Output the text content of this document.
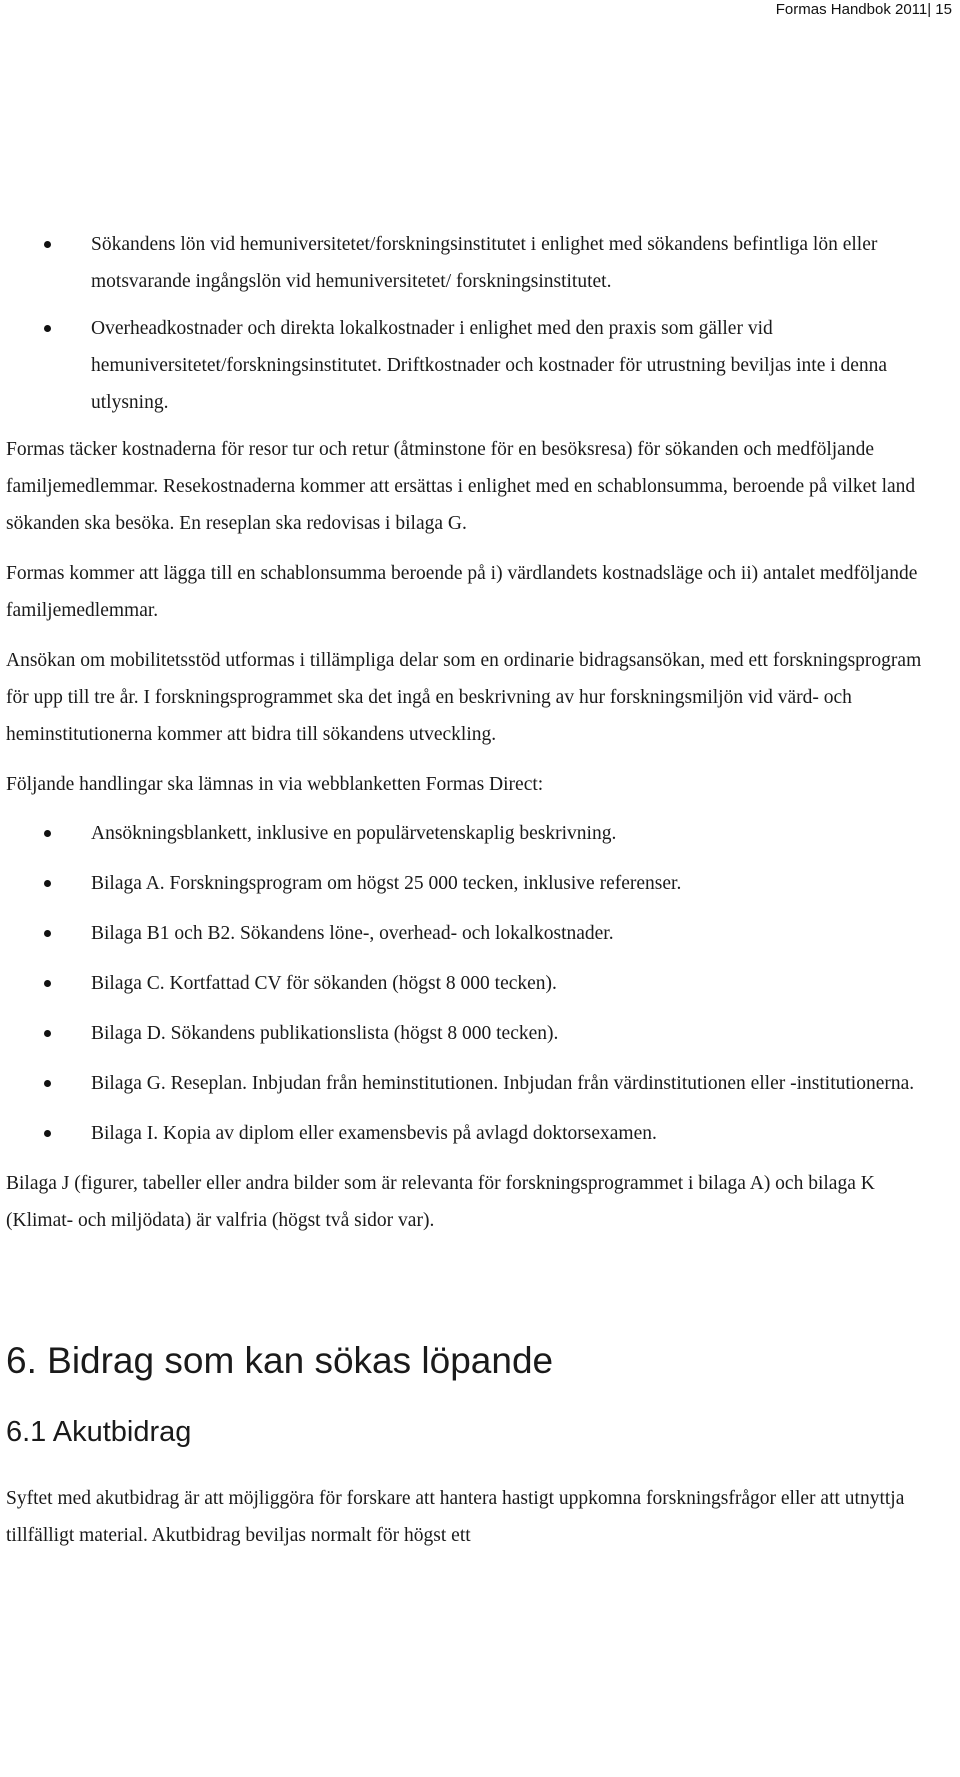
Formas Handbok 2011| 15
Sökandens lön vid hemuniversitetet/forskningsinstitutet i enlighet med sökandens befintliga lön eller motsvarande ingångslön vid hemuniversitetet/ forskningsinstitutet.
Overheadkostnader och direkta lokalkostnader i enlighet med den praxis som gäller vid hemuniversitetet/forskningsinstitutet. Driftkostnader och kostnader för utrustning beviljas inte i denna utlysning.

Formas täcker kostnaderna för resor tur och retur (åtminstone för en besöksresa) för sökanden och medföljande familjemedlemmar. Resekostnaderna kommer att ersättas i enlighet med en schablonsumma, beroende på vilket land sökanden ska besöka. En reseplan ska redovisas i bilaga G.

Formas kommer att lägga till en schablonsumma beroende på i) värdlandets kostnadsläge och ii) antalet medföljande familjemedlemmar.

Ansökan om mobilitetsstöd utformas i tillämpliga delar som en ordinarie bidragsansökan, med ett forskningsprogram för upp till tre år. I forskningsprogrammet ska det ingå en beskrivning av hur forskningsmiljön vid värd- och heminstitutionerna kommer att bidra till sökandens utveckling.

Följande handlingar ska lämnas in via webblanketten Formas Direct:

Ansökningsblankett, inklusive en populärvetenskaplig beskrivning.
Bilaga A. Forskningsprogram om högst 25 000 tecken, inklusive referenser.
Bilaga B1 och B2. Sökandens löne-, overhead- och lokalkostnader.
Bilaga C. Kortfattad CV för sökanden (högst 8 000 tecken).
Bilaga D. Sökandens publikationslista (högst 8 000 tecken).
Bilaga G. Reseplan. Inbjudan från heminstitutionen. Inbjudan från värdinstitutionen eller -institutionerna.
Bilaga I. Kopia av diplom eller examensbevis på avlagd doktorsexamen.

Bilaga J (figurer, tabeller eller andra bilder som är relevanta för forskningsprogrammet i bilaga A) och bilaga K (Klimat- och miljödata) är valfria (högst två sidor var).

6. Bidrag som kan sökas löpande
6.1 Akutbidrag

Syftet med akutbidrag är att möjliggöra för forskare att hantera hastigt uppkomna forskningsfrågor eller att utnyttja tillfälligt material. Akutbidrag beviljas normalt för högst ett
